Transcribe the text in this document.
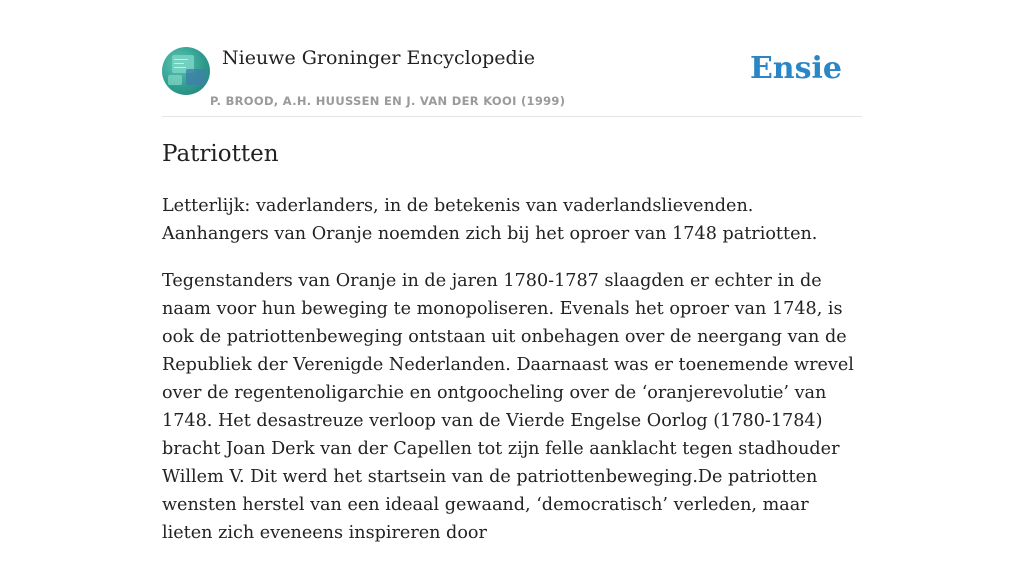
Nieuwe Groninger Encyclopedie
P. BROOD, A.H. HUUSSEN EN J. VAN DER KOOI (1999)
Ensie
Patriotten

Letterlijk: vaderlanders, in de betekenis van vaderlandslievenden. Aanhangers van Oranje noemden zich bij het oproer van 1748 patriotten.

Tegenstanders van Oranje in de jaren 1780-1787 slaagden er echter in de naam voor hun beweging te monopoliseren. Evenals het oproer van 1748, is ook de patriottenbeweging ontstaan uit onbehagen over de neergang van de Republiek der Verenigde Nederlanden. Daarnaast was er toenemende wrevel over de regentenoligarchie en ontgoocheling over de ‘oranjerevolutie’ van 1748. Het desastreuze verloop van de Vierde Engelse Oorlog (1780-1784) bracht Joan Derk van der Capellen tot zijn felle aanklacht tegen stadhouder Willem V. Dit werd het startsein van de patriottenbeweging.De patriotten wensten herstel van een ideaal gewaand, ‘democratisch’ verleden, maar lieten zich eveneens inspireren door
